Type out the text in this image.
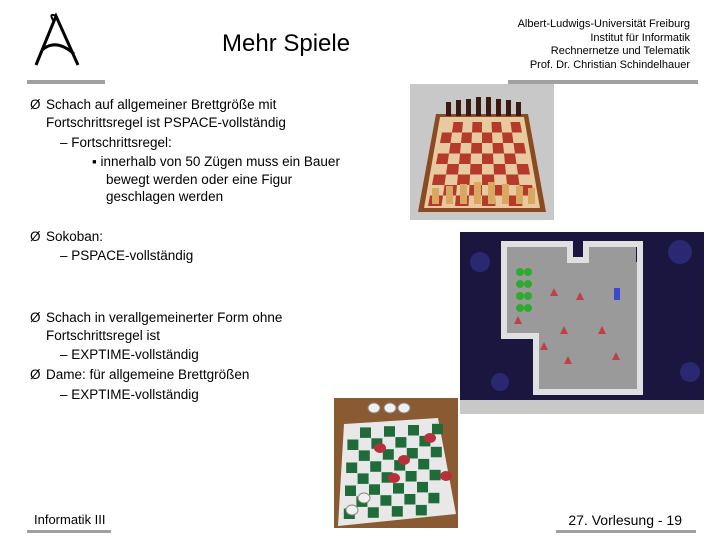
Mehr Spiele
Albert-Ludwigs-Universität Freiburg
Institut für Informatik
Rechnernetze und Telematik
Prof. Dr. Christian Schindelhauer
Ø Schach auf allgemeiner Brettgröße mit
Fortschrittsregel ist PSPACE-vollständig
– Fortschrittsregel:
▪ innerhalb von 50 Zügen muss ein Bauer
bewegt werden oder eine Figur
geschlagen werden
Ø Sokoban:
– PSPACE-vollständig
Ø Schach in verallgemeinerter Form ohne
Fortschrittsregel ist
– EXPTIME-vollständig
Ø Dame: für allgemeine Brettgrößen
– EXPTIME-vollständig
Informatik III	27. Vorlesung - 19
